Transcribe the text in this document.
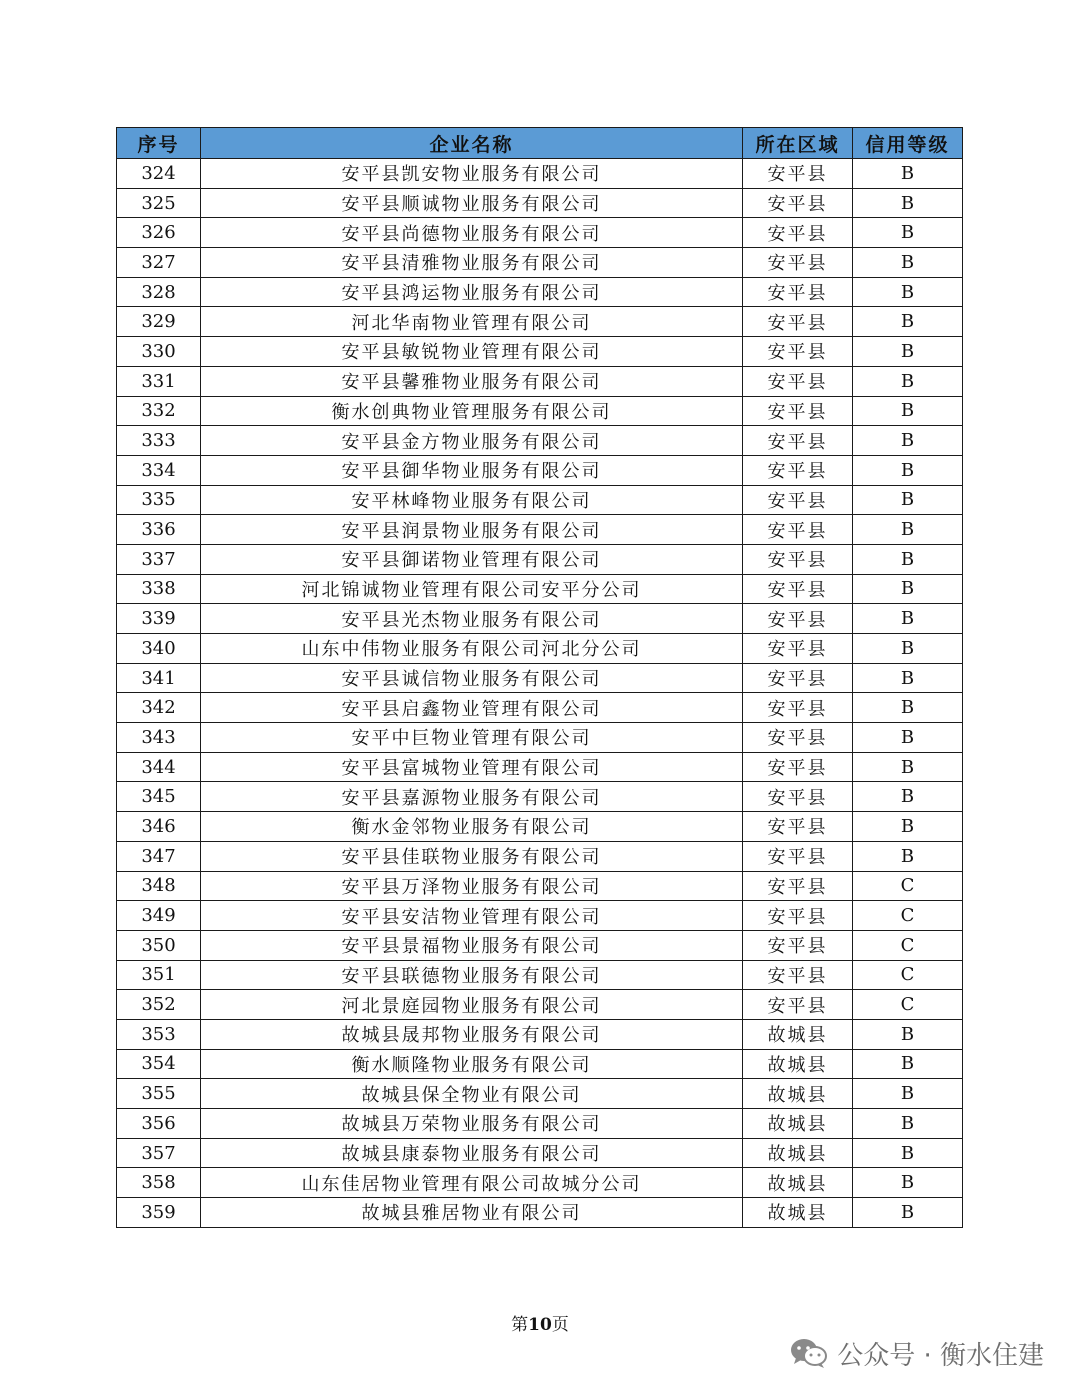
序号	企业名称	所在区域	信用等级
324	安平县凯安物业服务有限公司	安平县	B
325	安平县顺诚物业服务有限公司	安平县	B
326	安平县尚德物业服务有限公司	安平县	B
327	安平县清雅物业服务有限公司	安平县	B
328	安平县鸿运物业服务有限公司	安平县	B
329	河北华南物业管理有限公司	安平县	B
330	安平县敏锐物业管理有限公司	安平县	B
331	安平县馨雅物业服务有限公司	安平县	B
332	衡水创典物业管理服务有限公司	安平县	B
333	安平县金方物业服务有限公司	安平县	B
334	安平县御华物业服务有限公司	安平县	B
335	安平林峰物业服务有限公司	安平县	B
336	安平县润景物业服务有限公司	安平县	B
337	安平县御诺物业管理有限公司	安平县	B
338	河北锦诚物业管理有限公司安平分公司	安平县	B
339	安平县光杰物业服务有限公司	安平县	B
340	山东中伟物业服务有限公司河北分公司	安平县	B
341	安平县诚信物业服务有限公司	安平县	B
342	安平县启鑫物业管理有限公司	安平县	B
343	安平中巨物业管理有限公司	安平县	B
344	安平县富城物业管理有限公司	安平县	B
345	安平县嘉源物业服务有限公司	安平县	B
346	衡水金邻物业服务有限公司	安平县	B
347	安平县佳联物业服务有限公司	安平县	B
348	安平县万泽物业服务有限公司	安平县	C
349	安平县安洁物业管理有限公司	安平县	C
350	安平县景福物业服务有限公司	安平县	C
351	安平县联德物业服务有限公司	安平县	C
352	河北景庭园物业服务有限公司	安平县	C
353	故城县晟邦物业服务有限公司	故城县	B
354	衡水顺隆物业服务有限公司	故城县	B
355	故城县保全物业有限公司	故城县	B
356	故城县万荣物业服务有限公司	故城县	B
357	故城县康泰物业服务有限公司	故城县	B
358	山东佳居物业管理有限公司故城分公司	故城县	B
359	故城县雅居物业有限公司	故城县	B
第10页
公众号 · 衡水住建
